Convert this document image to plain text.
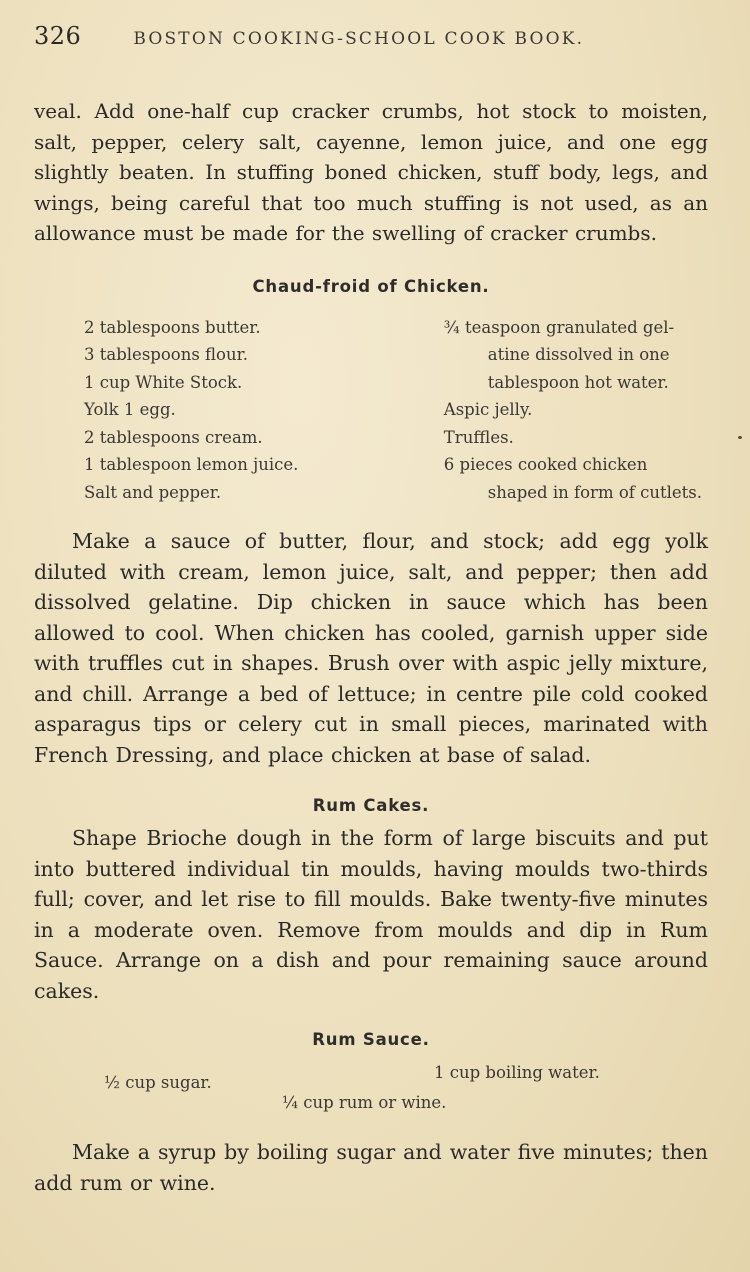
326	BOSTON COOKING-SCHOOL COOK BOOK.

veal. Add one-half cup cracker crumbs, hot stock to moisten, salt, pepper, celery salt, cayenne, lemon juice, and one egg slightly beaten. In stuffing boned chicken, stuff body, legs, and wings, being careful that too much stuffing is not used, as an allowance must be made for the swelling of cracker crumbs.

Chaud-froid of Chicken.
2 tablespoons butter.
3 tablespoons flour.
1 cup White Stock.
Yolk 1 egg.
2 tablespoons cream.
1 tablespoon lemon juice.
Salt and pepper.
¾ teaspoon granulated gel-
atine dissolved in one
tablespoon hot water.
Aspic jelly.
Truffles.
6 pieces cooked chicken
shaped in form of cutlets.

Make a sauce of butter, flour, and stock; add egg yolk diluted with cream, lemon juice, salt, and pepper; then add dissolved gelatine. Dip chicken in sauce which has been allowed to cool. When chicken has cooled, garnish upper side with truffles cut in shapes. Brush over with aspic jelly mixture, and chill. Arrange a bed of lettuce; in centre pile cold cooked asparagus tips or celery cut in small pieces, marinated with French Dressing, and place chicken at base of salad.

Rum Cakes.

Shape Brioche dough in the form of large biscuits and put into buttered individual tin moulds, having moulds two-thirds full; cover, and let rise to fill moulds. Bake twenty-five minutes in a moderate oven. Remove from moulds and dip in Rum Sauce. Arrange on a dish and pour remaining sauce around cakes.

Rum Sauce.
½ cup sugar.
1 cup boiling water.
¼ cup rum or wine.

Make a syrup by boiling sugar and water five minutes; then add rum or wine.
